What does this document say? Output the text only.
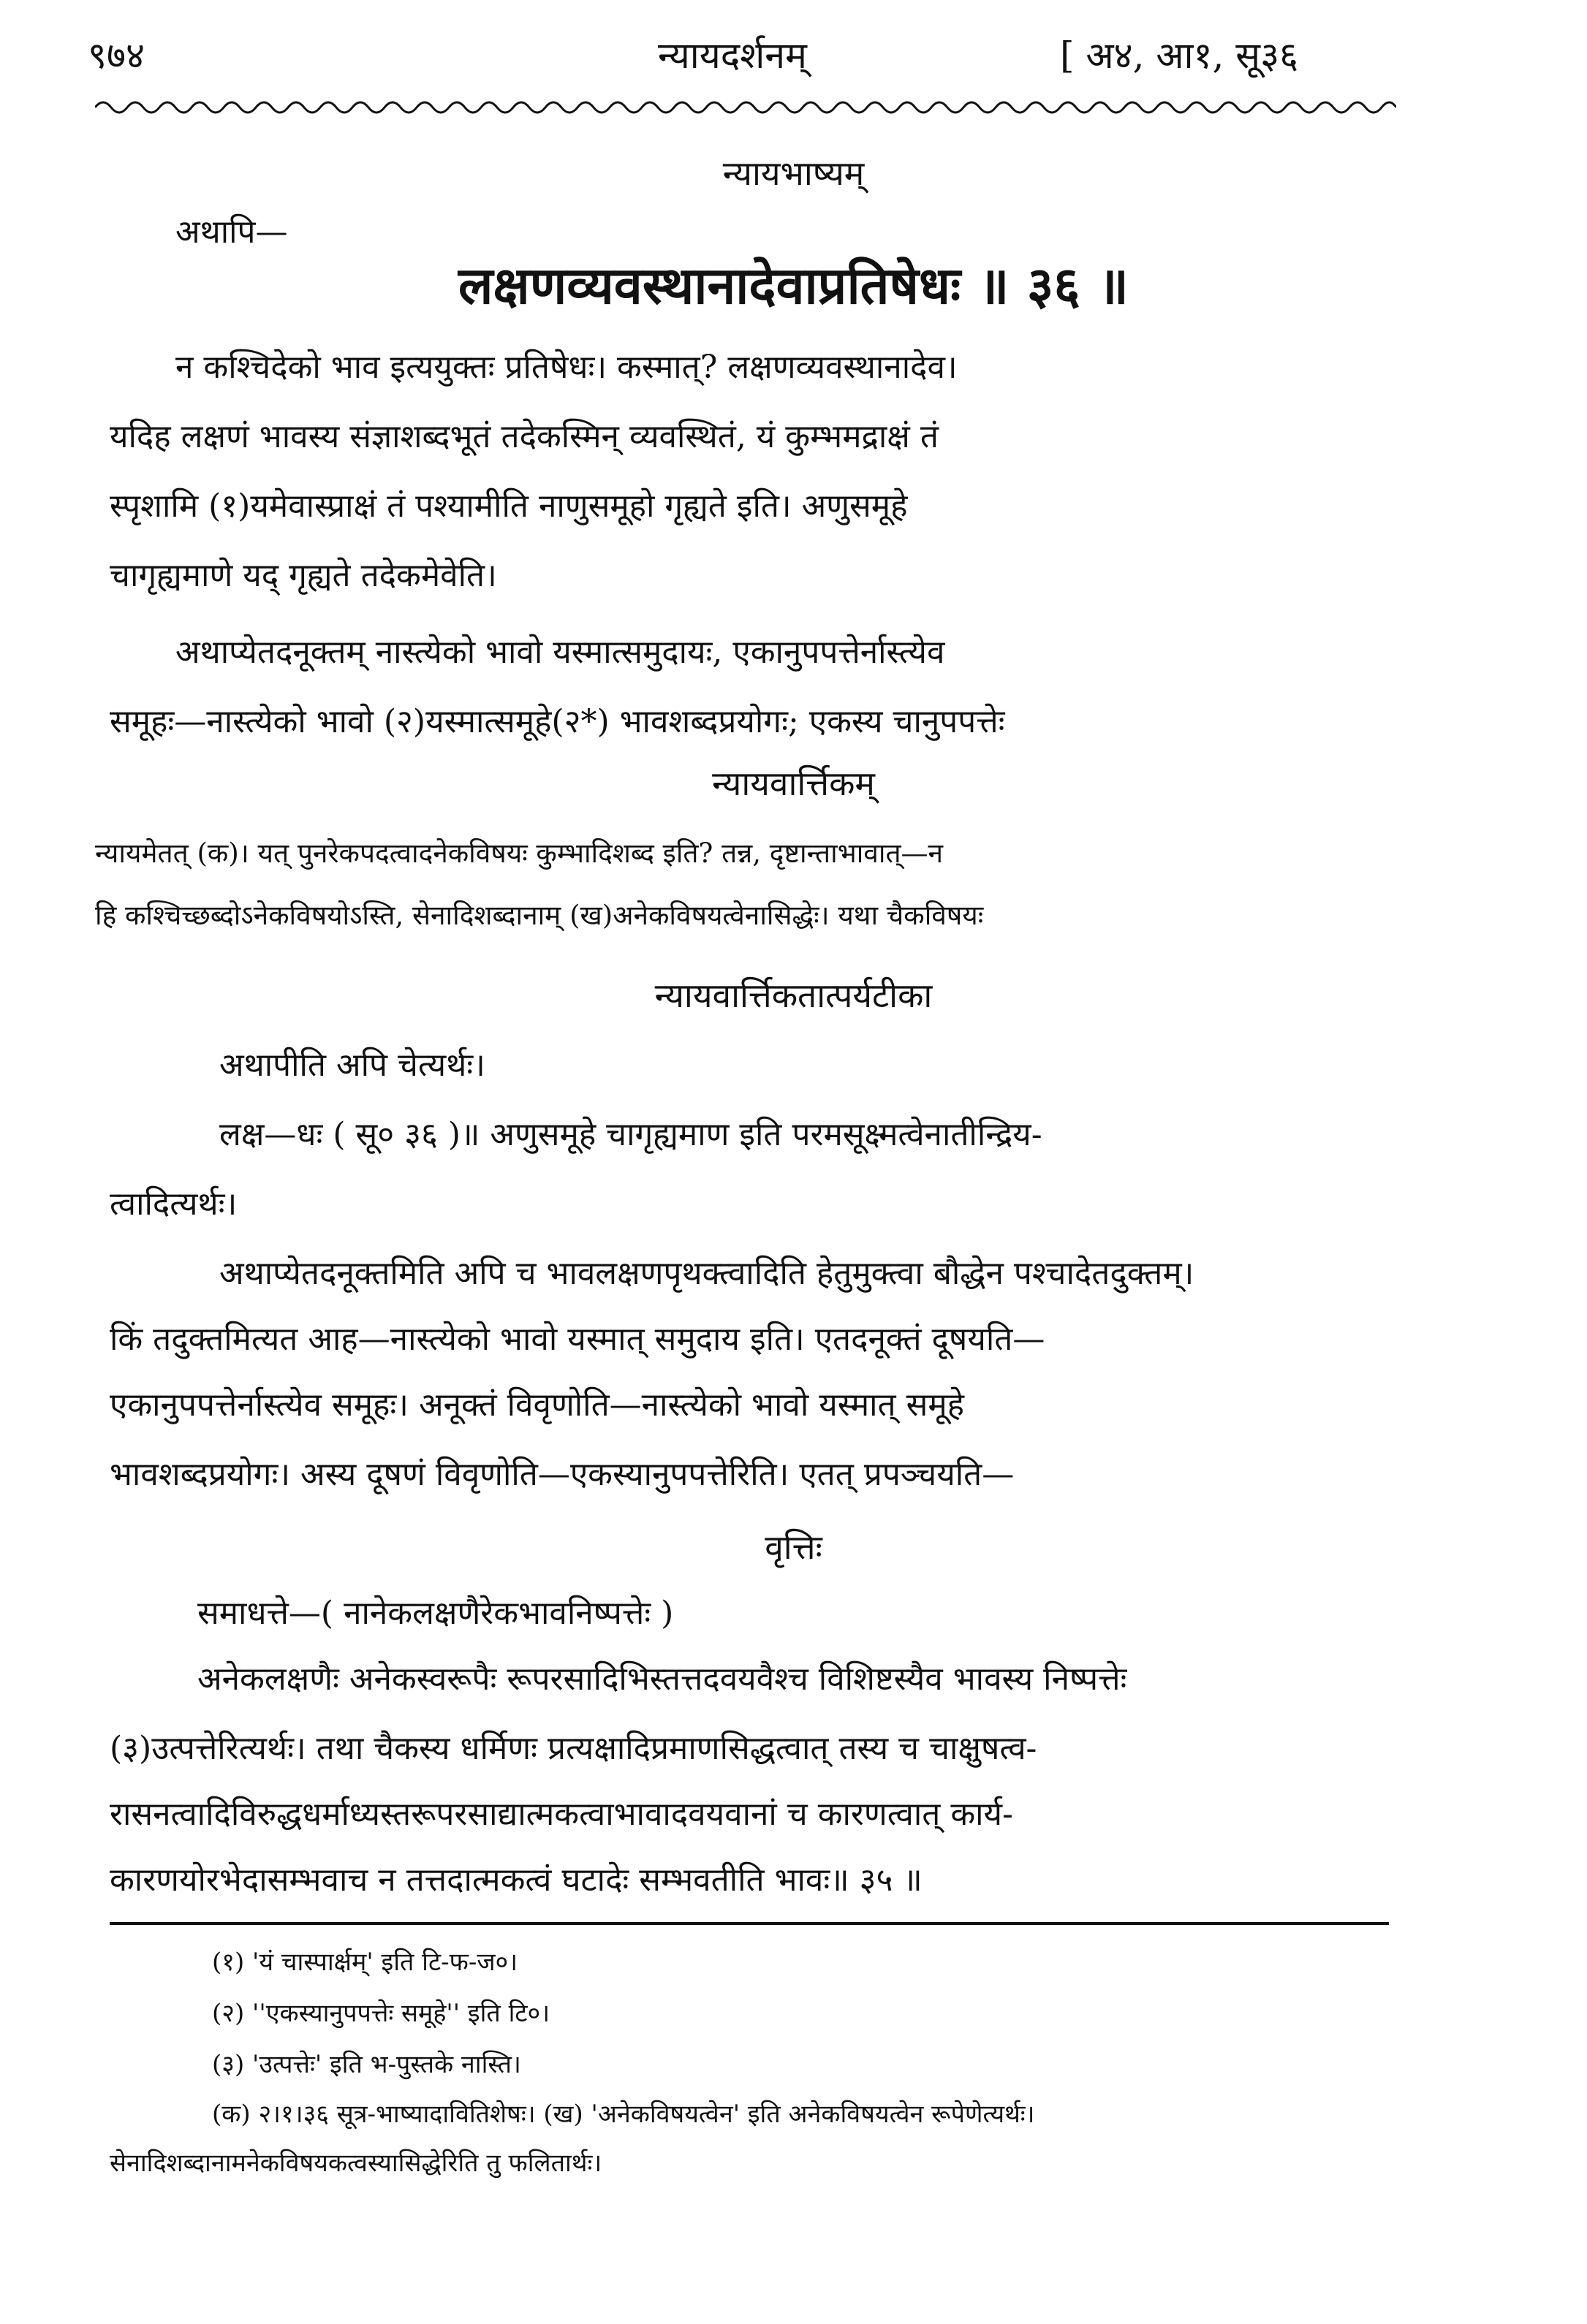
९७४	न्यायदर्शनम्	[ अ४, आ१, सू३६
न्यायभाष्यम्
अथापि—
लक्षणव्यवस्थानादेवाप्रतिषेधः ॥ ३६ ॥
न कश्चिदेको भाव इत्ययुक्तः प्रतिषेधः। कस्मात्? लक्षणव्यवस्थानादेव।
यदिह लक्षणं भावस्य संज्ञाशब्दभूतं तदेकस्मिन् व्यवस्थितं, यं कुम्भमद्राक्षं तं
स्पृशामि (१)यमेवास्प्राक्षं तं पश्यामीति नाणुसमूहो गृह्यते इति। अणुसमूहे
चागृह्यमाणे यद् गृह्यते तदेकमेवेति।
अथाप्येतदनूक्तम् नास्त्येको भावो यस्मात्समुदायः, एकानुपपत्तेर्नास्त्येव
समूहः—नास्त्येको भावो (२)यस्मात्समूहे(२*) भावशब्दप्रयोगः; एकस्य चानुपपत्तेः
न्यायवार्त्तिकम्
न्यायमेतत् (क)। यत् पुनरेकपदत्वादनेकविषयः कुम्भादिशब्द इति? तन्न, दृष्टान्ताभावात्—न
हि कश्चिच्छब्दोऽनेकविषयोऽस्ति, सेनादिशब्दानाम् (ख)अनेकविषयत्वेनासिद्धेः। यथा चैकविषयः
न्यायवार्त्तिकतात्पर्यटीका
अथापीति अपि चेत्यर्थः।
लक्ष—धः ( सू० ३६ )॥ अणुसमूहे चागृह्यमाण इति परमसूक्ष्मत्वेनातीन्द्रिय-
त्वादित्यर्थः।
अथाप्येतदनूक्तमिति अपि च भावलक्षणपृथक्त्वादिति हेतुमुक्त्वा बौद्धेन पश्चादेतदुक्तम्।
किं तदुक्तमित्यत आह—नास्त्येको भावो यस्मात् समुदाय इति। एतदनूक्तं दूषयति—
एकानुपपत्तेर्नास्त्येव समूहः। अनूक्तं विवृणोति—नास्त्येको भावो यस्मात् समूहे
भावशब्दप्रयोगः। अस्य दूषणं विवृणोति—एकस्यानुपपत्तेरिति। एतत् प्रपञ्चयति—
वृत्तिः
समाधत्ते—( नानेकलक्षणैरेकभावनिष्पत्तेः )
अनेकलक्षणैः अनेकस्वरूपैः रूपरसादिभिस्तत्तदवयवैश्च विशिष्टस्यैव भावस्य निष्पत्तेः
(३)उत्पत्तेरित्यर्थः। तथा चैकस्य धर्मिणः प्रत्यक्षादिप्रमाणसिद्धत्वात् तस्य च चाक्षुषत्व-
रासनत्वादिविरुद्धधर्माध्यस्तरूपरसाद्यात्मकत्वाभावादवयवानां च कारणत्वात् कार्य-
कारणयोरभेदासम्भवाच न तत्तदात्मकत्वं घटादेः सम्भवतीति भावः॥ ३५ ॥
(१) 'यं चास्पार्क्षम्' इति टि-फ-ज०।
(२) ''एकस्यानुपपत्तेः समूहे'' इति टि०।
(३) 'उत्पत्तेः' इति भ-पुस्तके नास्ति।
(क) २।१।३६ सूत्र-भाष्यादावितिशेषः। (ख) 'अनेकविषयत्वेन' इति अनेकविषयत्वेन रूपेणेत्यर्थः।
सेनादिशब्दानामनेकविषयकत्वस्यासिद्धेरिति तु फलितार्थः।
